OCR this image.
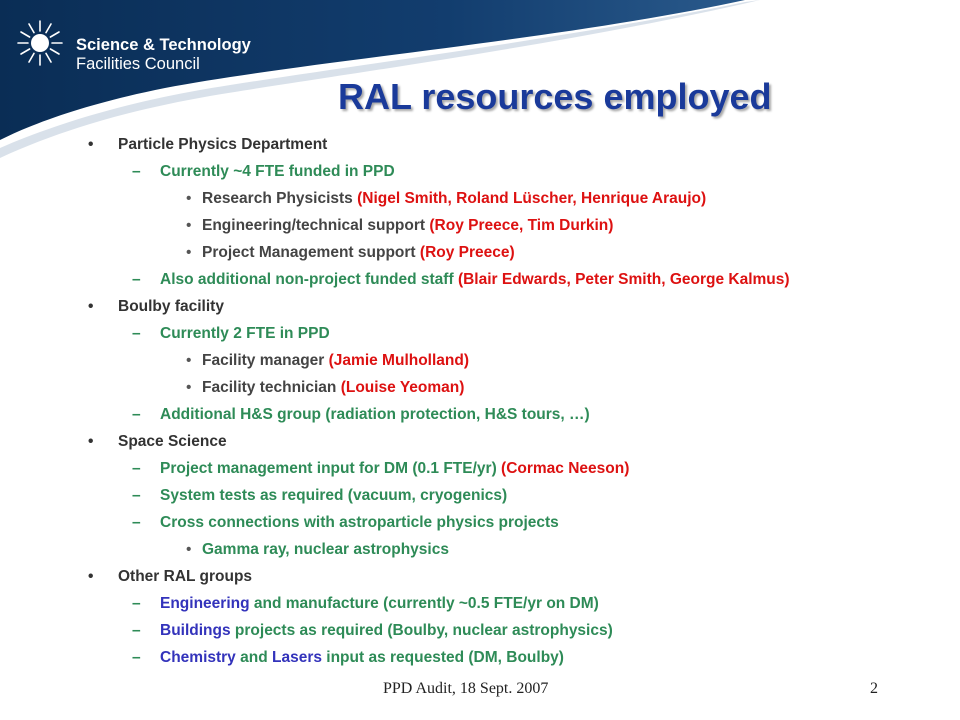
Science & Technology
Facilities Council
RAL resources employed
• Particle Physics Department
– Currently ~4 FTE funded in PPD
• Research Physicists (Nigel Smith, Roland Lüscher, Henrique Araujo)
• Engineering/technical support (Roy Preece, Tim Durkin)
• Project Management support (Roy Preece)
– Also additional non-project funded staff (Blair Edwards, Peter Smith, George Kalmus)
• Boulby facility
– Currently 2 FTE in PPD
• Facility manager (Jamie Mulholland)
• Facility technician (Louise Yeoman)
– Additional H&S group (radiation protection, H&S tours, …)
• Space Science
– Project management input for DM (0.1 FTE/yr) (Cormac Neeson)
– System tests as required (vacuum, cryogenics)
– Cross connections with astroparticle physics projects
• Gamma ray, nuclear astrophysics
• Other RAL groups
– Engineering and manufacture (currently ~0.5 FTE/yr on DM)
– Buildings projects as required (Boulby, nuclear astrophysics)
– Chemistry and Lasers input as requested (DM, Boulby)
PPD Audit, 18 Sept. 2007	2
